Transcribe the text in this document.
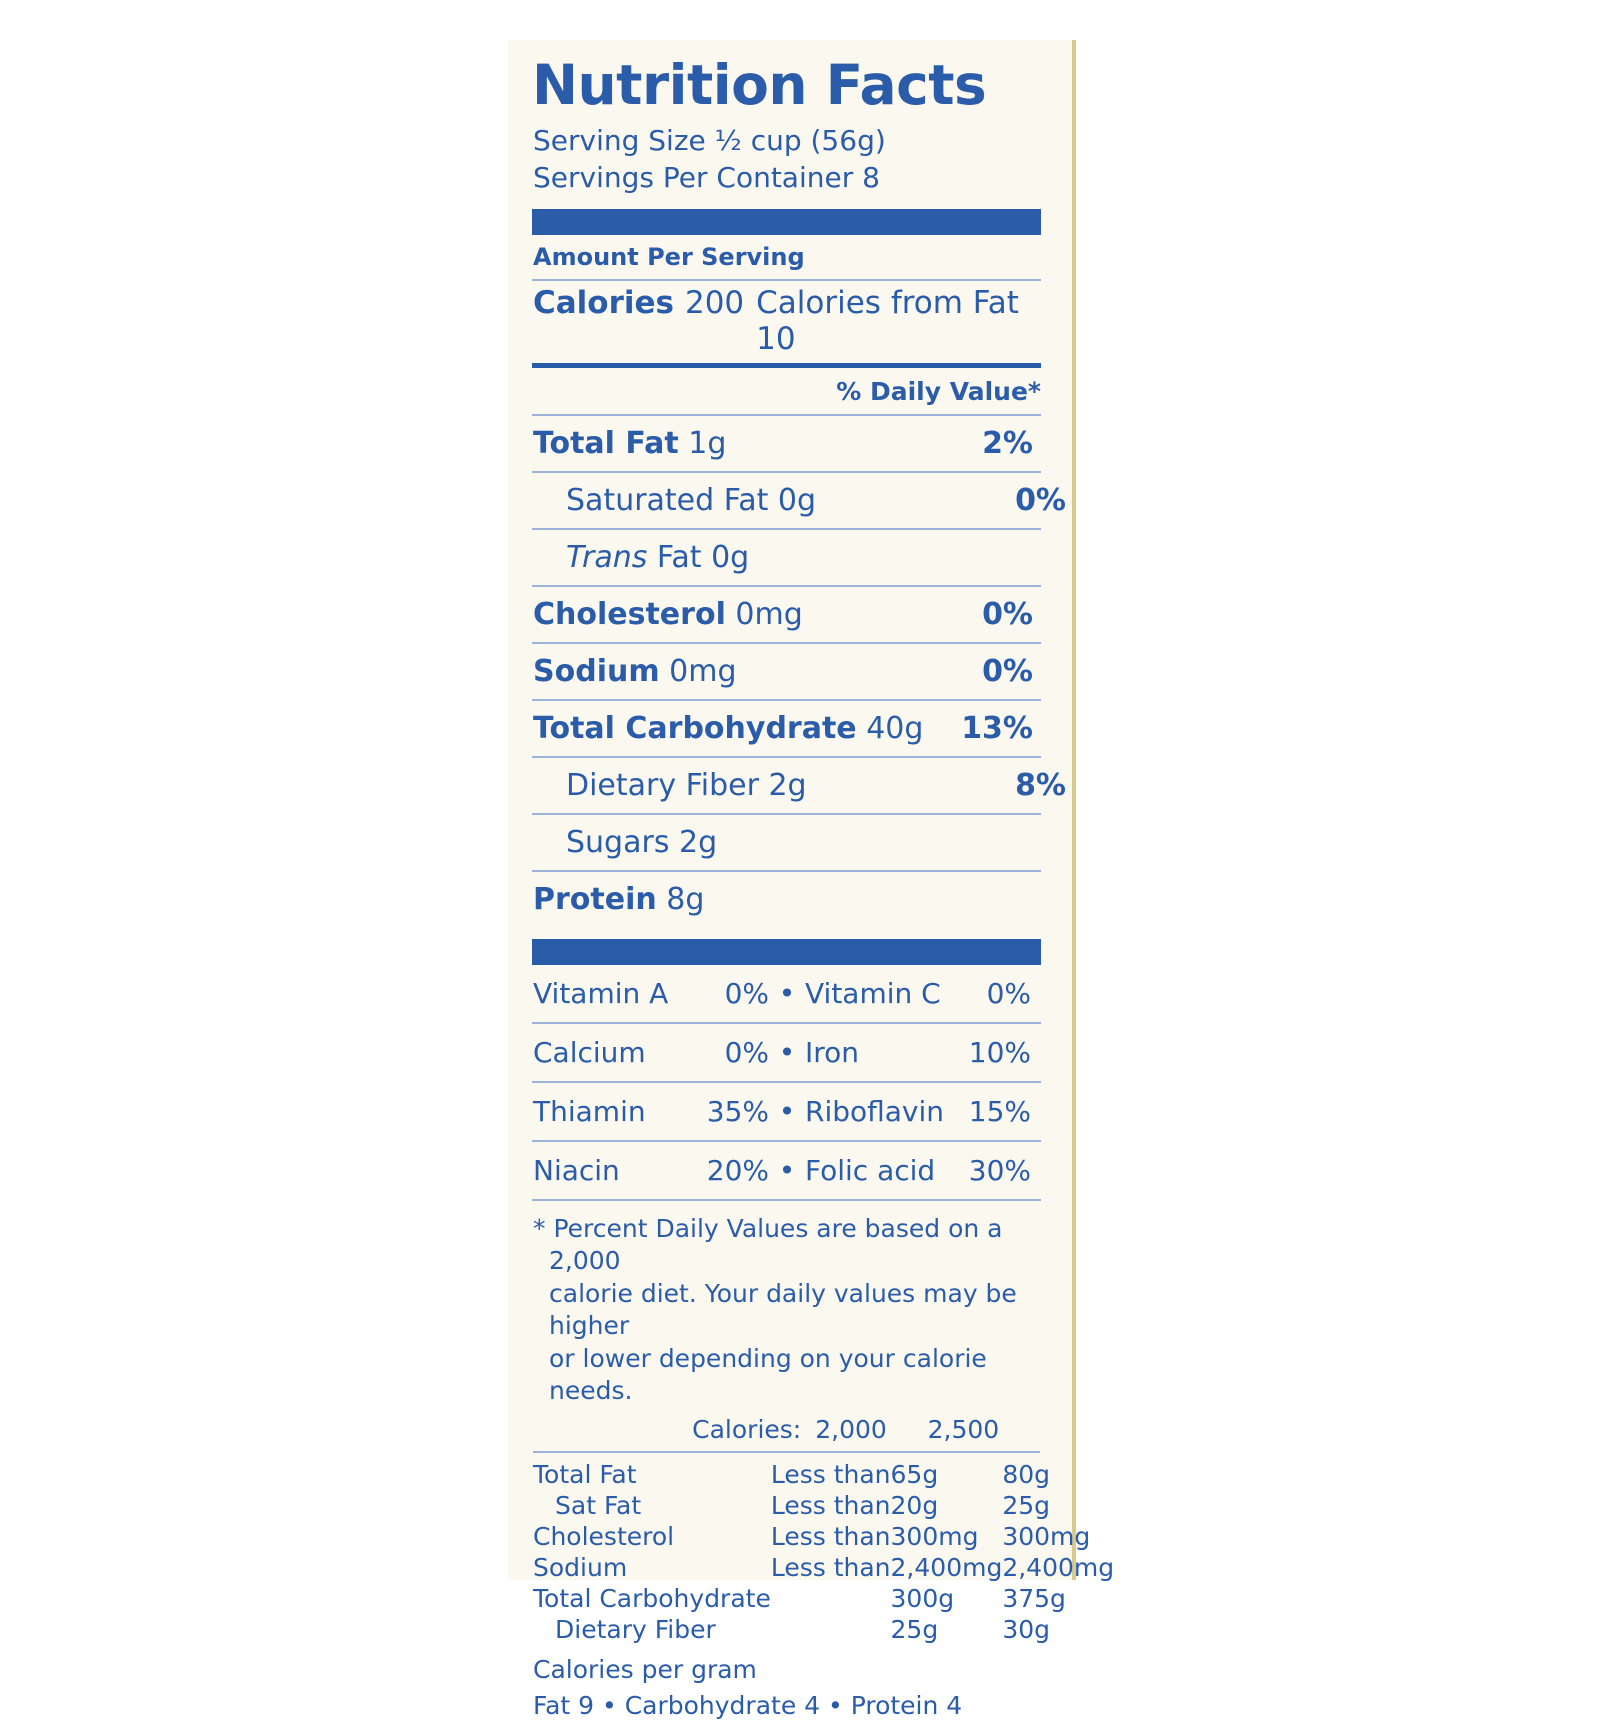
Nutrition Facts
Serving Size ½ cup (56g)
Servings Per Container 8
Amount Per Serving
Calories 200 Calories from Fat 10
% Daily Value*
Total Fat 1g	2%
Saturated Fat 0g	0%
Trans Fat 0g
Cholesterol 0mg	0%
Sodium 0mg	0%
Total Carbohydrate 40g 13%
Dietary Fiber 2g	8%
Sugars 2g
Protein 8g
Vitamin A	0% • Vitamin C	0%
Calcium	0% • Iron	10%
Thiamin	35% • Riboflavin 15%
Niacin	20% • Folic acid	30%
* Percent Daily Values are based on a 2,000
calorie diet. Your daily values may be higher
or lower depending on your calorie needs.
	Calories:	2,000	2,500
Total Fat	Less than	65g	80g
Sat Fat	Less than	20g	25g
Cholesterol	Less than	300mg	300mg
Sodium	Less than	2,400mg	2,400mg
Total Carbohydrate		300g	375g
Dietary Fiber		25g	30g
Calories per gram
Fat 9 • Carbohydrate 4 • Protein 4
